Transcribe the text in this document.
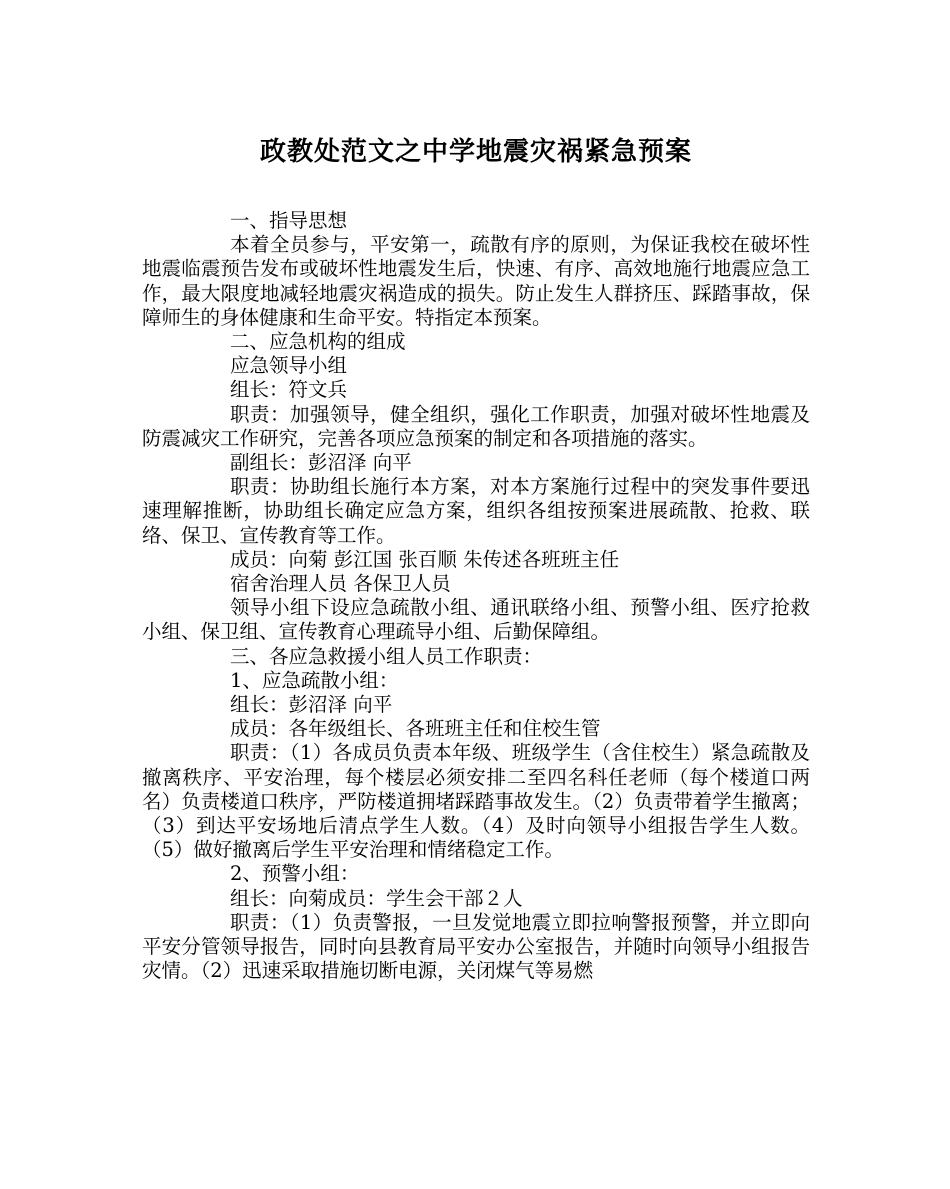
政教处范文之中学地震灾祸紧急预案

一、指导思想

本着全员参与，平安第一，疏散有序的原则，为保证我校在破坏性地震临震预告发布或破坏性地震发生后，快速、有序、高效地施行地震应急工作，最大限度地减轻地震灾祸造成的损失。防止发生人群挤压、踩踏事故，保障师生的身体健康和生命平安。特指定本预案。

二、应急机构的组成

应急领导小组

组长：符文兵

职责：加强领导，健全组织，强化工作职责，加强对破坏性地震及防震减灾工作研究，完善各项应急预案的制定和各项措施的落实。

副组长：彭沼泽 向平

职责：协助组长施行本方案，对本方案施行过程中的突发事件要迅速理解推断，协助组长确定应急方案，组织各组按预案进展疏散、抢救、联络、保卫、宣传教育等工作。

成员：向菊 彭江国 张百顺 朱传述各班班主任

宿舍治理人员 各保卫人员

领导小组下设应急疏散小组、通讯联络小组、预警小组、医疗抢救小组、保卫组、宣传教育心理疏导小组、后勤保障组。

三、各应急救援小组人员工作职责：

1、应急疏散小组：

组长：彭沼泽 向平

成员：各年级组长、各班班主任和住校生管

职责：（1）各成员负责本年级、班级学生（含住校生）紧急疏散及撤离秩序、平安治理，每个楼层必须安排二至四名科任老师（每个楼道口两名）负责楼道口秩序，严防楼道拥堵踩踏事故发生。（2）负责带着学生撤离；（3）到达平安场地后清点学生人数。（4）及时向领导小组报告学生人数。（5）做好撤离后学生平安治理和情绪稳定工作。

2、预警小组：

组长：向菊成员：学生会干部２人

职责：（1）负责警报，一旦发觉地震立即拉响警报预警，并立即向平安分管领导报告，同时向县教育局平安办公室报告，并随时向领导小组报告灾情。（2）迅速采取措施切断电源，关闭煤气等易燃
